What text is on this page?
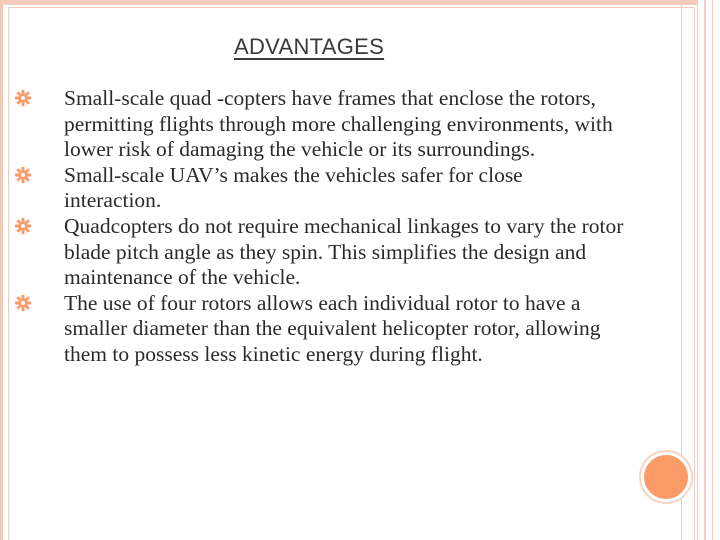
ADVANTAGES
Small-scale quad -copters have frames that enclose the rotors, permitting flights through more challenging environments, with lower risk of damaging the vehicle or its surroundings.
Small-scale UAV’s makes the vehicles safer for close interaction.
Quadcopters do not require mechanical linkages to vary the rotor blade pitch angle as they spin. This simplifies the design and maintenance of the vehicle.
The use of four rotors allows each individual rotor to have a smaller diameter than the equivalent helicopter rotor, allowing them to possess less kinetic energy during flight.
